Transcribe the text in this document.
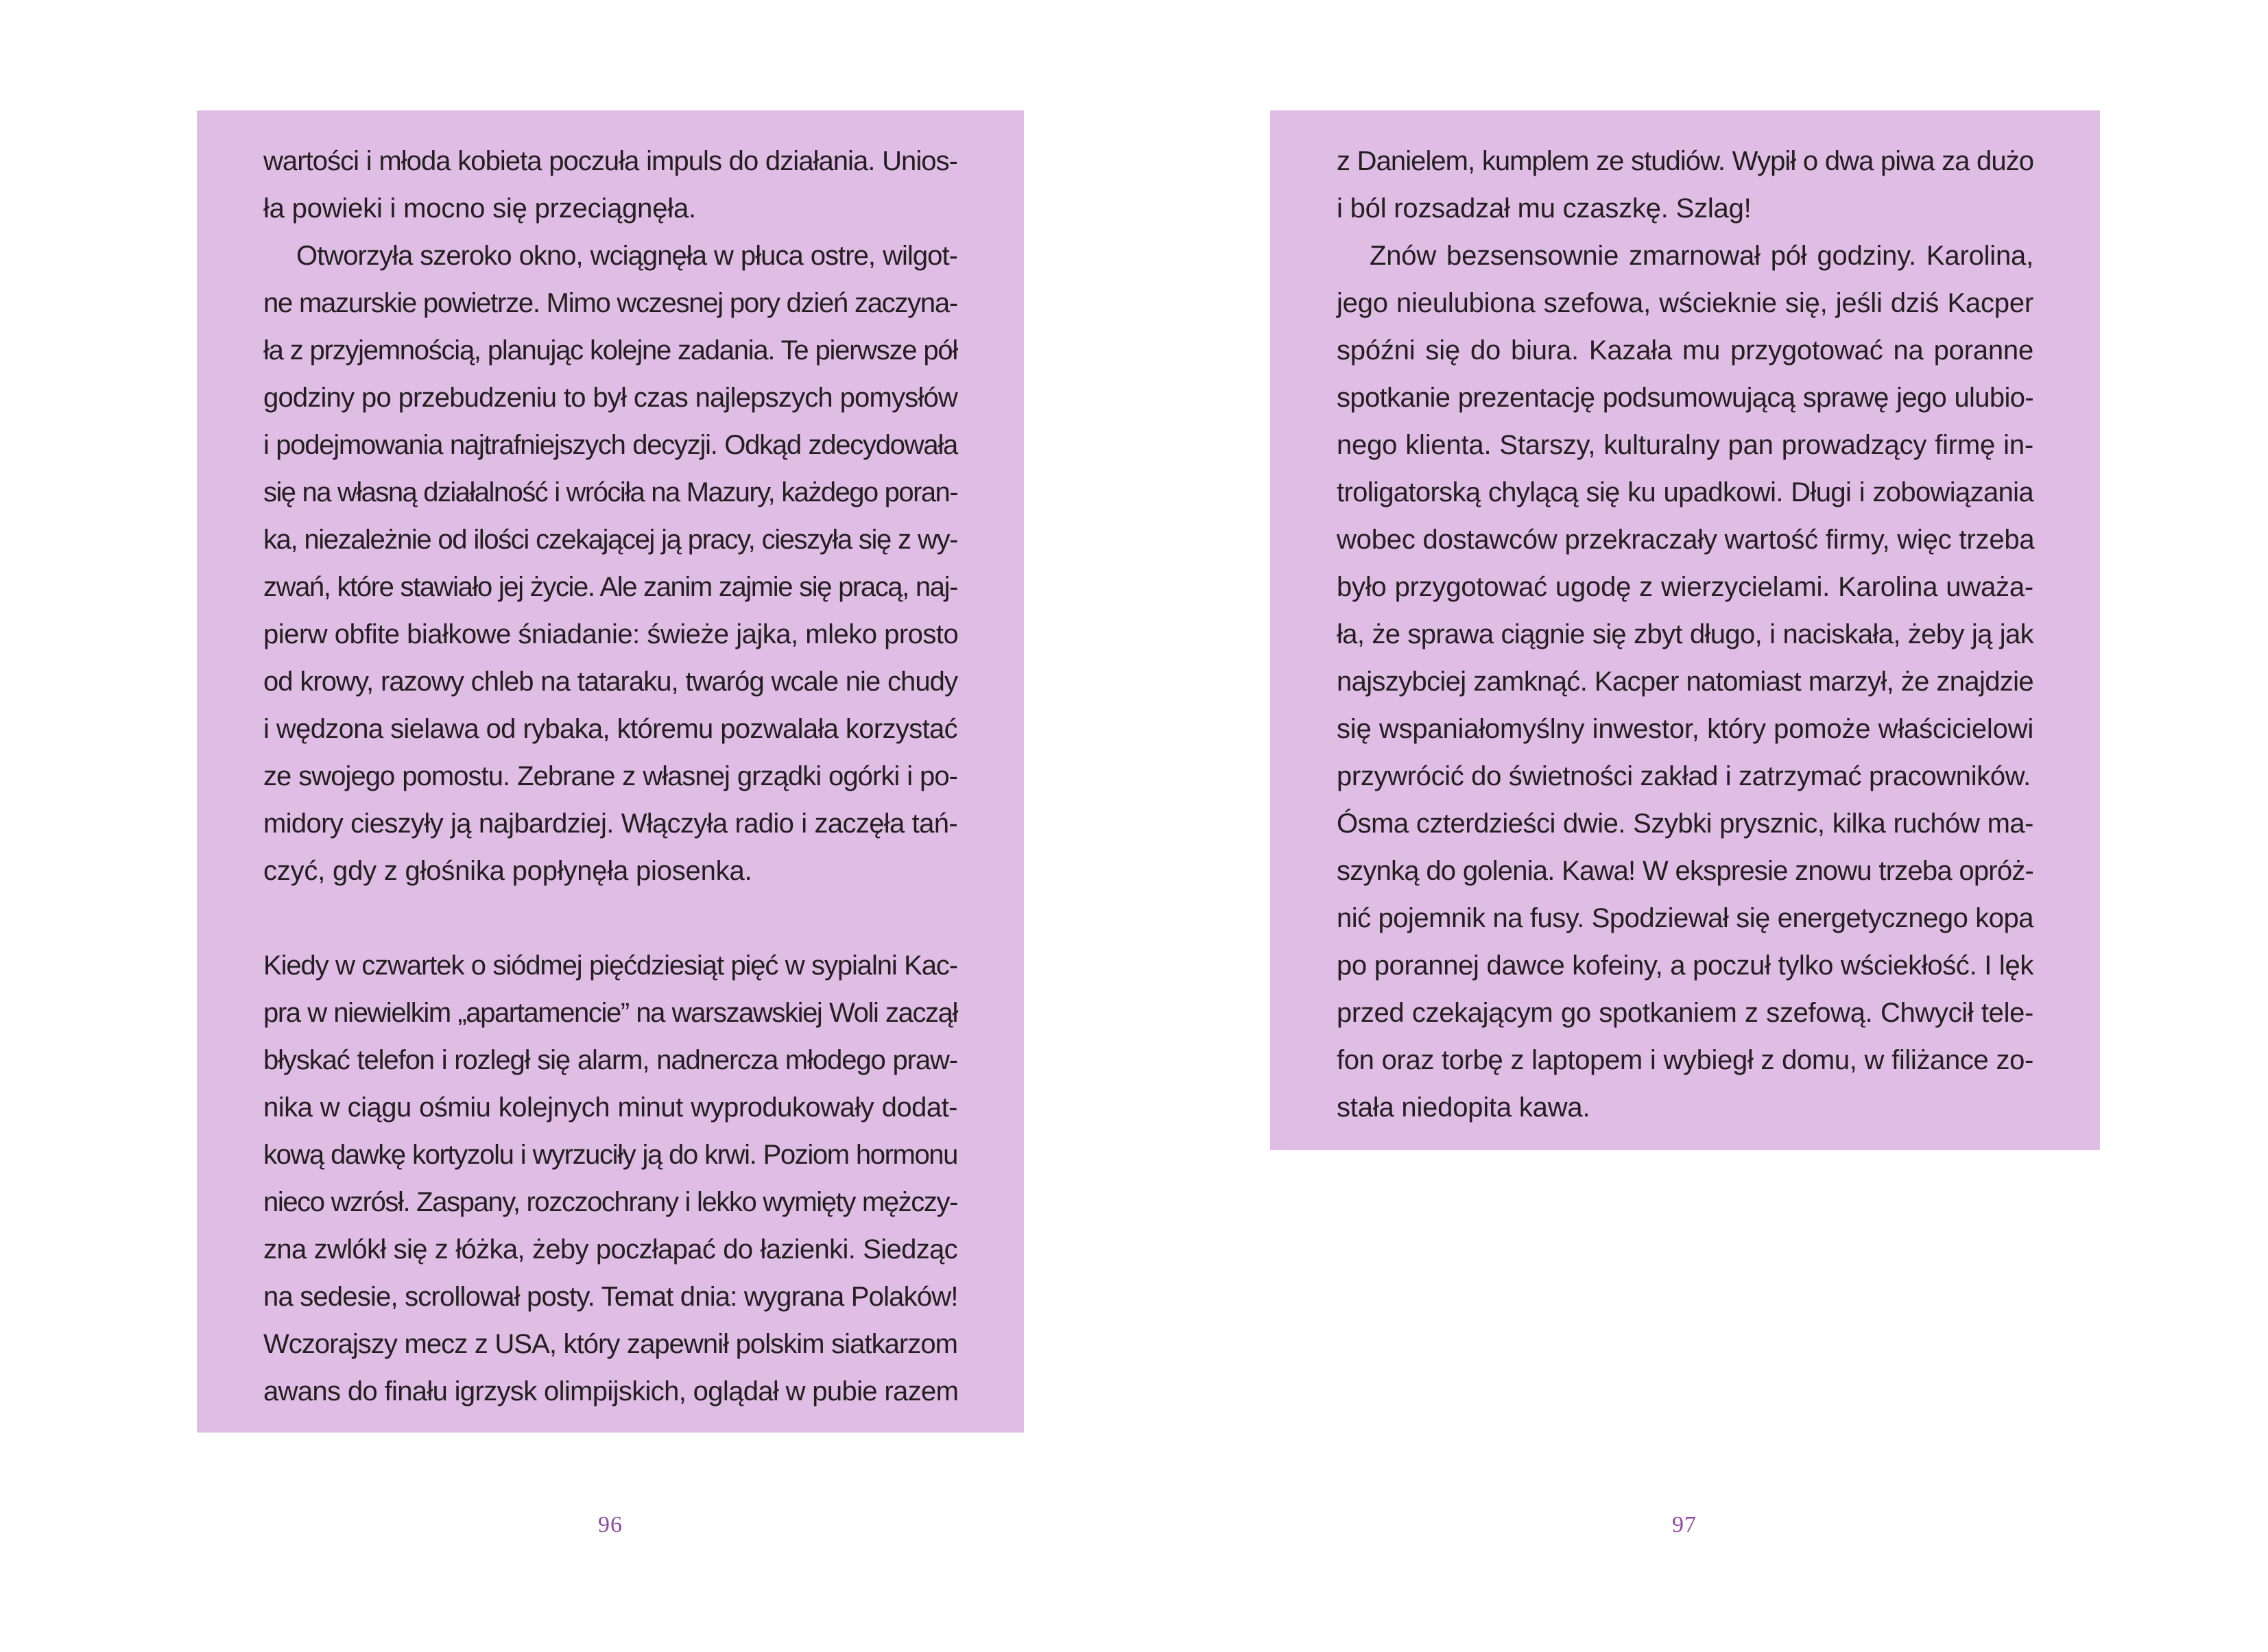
wartości i młoda kobieta poczuła impuls do działania. Unios-
ła powieki i mocno się przeciągnęła.
Otworzyła szeroko okno, wciągnęła w płuca ostre, wilgot-
ne mazurskie powietrze. Mimo wczesnej pory dzień zaczyna-
ła z przyjemnością, planując kolejne zadania. Te pierwsze pół
godziny po przebudzeniu to był czas najlepszych pomysłów
i podejmowania najtrafniejszych decyzji. Odkąd zdecydowała
się na własną działalność i wróciła na Mazury, każdego poran-
ka, niezależnie od ilości czekającej ją pracy, cieszyła się z wy-
zwań, które stawiało jej życie. Ale zanim zajmie się pracą, naj-
pierw obfite białkowe śniadanie: świeże jajka, mleko prosto
od krowy, razowy chleb na tataraku, twaróg wcale nie chudy
i wędzona sielawa od rybaka, któremu pozwalała korzystać
ze swojego pomostu. Zebrane z własnej grządki ogórki i po-
midory cieszyły ją najbardziej. Włączyła radio i zaczęła tań-
czyć, gdy z głośnika popłynęła piosenka.
Kiedy w czwartek o siódmej pięćdziesiąt pięć w sypialni Kac-
pra w niewielkim „apartamencie” na warszawskiej Woli zaczął
błyskać telefon i rozległ się alarm, nadnercza młodego praw-
nika w ciągu ośmiu kolejnych minut wyprodukowały dodat-
kową dawkę kortyzolu i wyrzuciły ją do krwi. Poziom hormonu
nieco wzrósł. Zaspany, rozczochrany i lekko wymięty mężczy-
zna zwlókł się z łóżka, żeby poczłapać do łazienki. Siedząc
na sedesie, scrollował posty. Temat dnia: wygrana Polaków!
Wczorajszy mecz z USA, który zapewnił polskim siatkarzom
awans do finału igrzysk olimpijskich, oglądał w pubie razem
z Danielem, kumplem ze studiów. Wypił o dwa piwa za dużo
i ból rozsadzał mu czaszkę. Szlag!
Znów bezsensownie zmarnował pół godziny. Karolina,
jego nieulubiona szefowa, wścieknie się, jeśli dziś Kacper
spóźni się do biura. Kazała mu przygotować na poranne
spotkanie prezentację podsumowującą sprawę jego ulubio-
nego klienta. Starszy, kulturalny pan prowadzący firmę in-
troligatorską chylącą się ku upadkowi. Długi i zobowiązania
wobec dostawców przekraczały wartość firmy, więc trzeba
było przygotować ugodę z wierzycielami. Karolina uważa-
ła, że sprawa ciągnie się zbyt długo, i naciskała, żeby ją jak
najszybciej zamknąć. Kacper natomiast marzył, że znajdzie
się wspaniałomyślny inwestor, który pomoże właścicielowi
przywrócić do świetności zakład i zatrzymać pracowników.
Ósma czterdzieści dwie. Szybki prysznic, kilka ruchów ma-
szynką do golenia. Kawa! W ekspresie znowu trzeba opróż-
nić pojemnik na fusy. Spodziewał się energetycznego kopa
po porannej dawce kofeiny, a poczuł tylko wściekłość. I lęk
przed czekającym go spotkaniem z szefową. Chwycił tele-
fon oraz torbę z laptopem i wybiegł z domu, w filiżance zo-
stała niedopita kawa.
96	97
